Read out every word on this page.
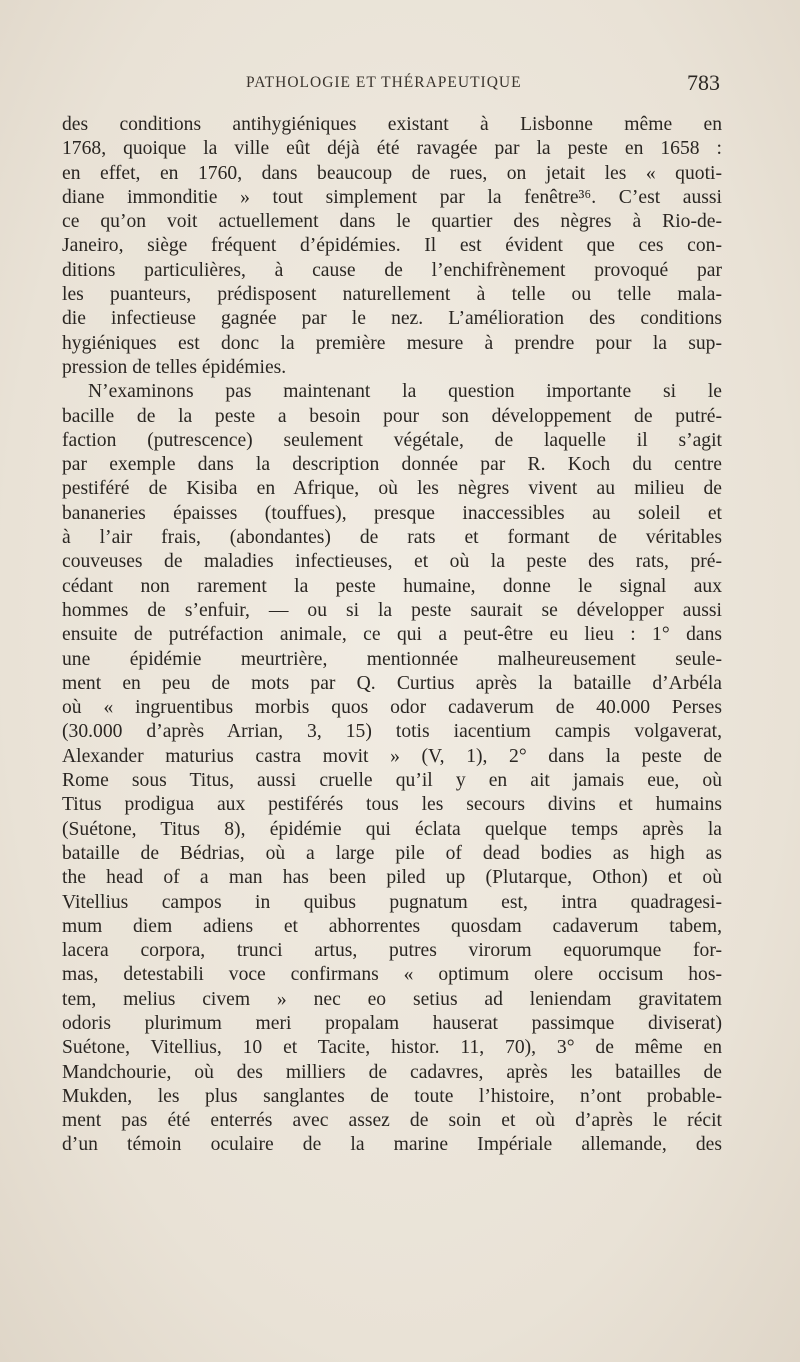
PATHOLOGIE ET THÉRAPEUTIQUE	783
des conditions antihygiéniques existant à Lisbonne même en
1768, quoique la ville eût déjà été ravagée par la peste en 1658 :
en effet, en 1760, dans beaucoup de rues, on jetait les « quoti-
diane immonditie » tout simplement par la fenêtre³⁶. C’est aussi
ce qu’on voit actuellement dans le quartier des nègres à Rio-de-
Janeiro, siège fréquent d’épidémies. Il est évident que ces con-
ditions particulières, à cause de l’enchifrènement provoqué par
les puanteurs, prédisposent naturellement à telle ou telle mala-
die infectieuse gagnée par le nez. L’amélioration des conditions
hygiéniques est donc la première mesure à prendre pour la sup-
pression de telles épidémies.
N’examinons pas maintenant la question importante si le
bacille de la peste a besoin pour son développement de putré-
faction (putrescence) seulement végétale, de laquelle il s’agit
par exemple dans la description donnée par R. Koch du centre
pestiféré de Kisiba en Afrique, où les nègres vivent au milieu de
bananeries épaisses (touffues), presque inaccessibles au soleil et
à l’air frais, (abondantes) de rats et formant de véritables
couveuses de maladies infectieuses, et où la peste des rats, pré-
cédant non rarement la peste humaine, donne le signal aux
hommes de s’enfuir, — ou si la peste saurait se développer aussi
ensuite de putréfaction animale, ce qui a peut-être eu lieu : 1° dans
une épidémie meurtrière, mentionnée malheureusement seule-
ment en peu de mots par Q. Curtius après la bataille d’Arbéla
où « ingruentibus morbis quos odor cadaverum de 40.000 Perses
(30.000 d’après Arrian, 3, 15) totis iacentium campis volgaverat,
Alexander maturius castra movit » (V, 1), 2° dans la peste de
Rome sous Titus, aussi cruelle qu’il y en ait jamais eue, où
Titus prodigua aux pestiférés tous les secours divins et humains
(Suétone, Titus 8), épidémie qui éclata quelque temps après la
bataille de Bédrias, où a large pile of dead bodies as high as
the head of a man has been piled up (Plutarque, Othon) et où
Vitellius campos in quibus pugnatum est, intra quadragesi-
mum diem adiens et abhorrentes quosdam cadaverum tabem,
lacera corpora, trunci artus, putres virorum equorumque for-
mas, detestabili voce confirmans « optimum olere occisum hos-
tem, melius civem » nec eo setius ad leniendam gravitatem
odoris plurimum meri propalam hauserat passimque diviserat)
Suétone, Vitellius, 10 et Tacite, histor. 11, 70), 3° de même en
Mandchourie, où des milliers de cadavres, après les batailles de
Mukden, les plus sanglantes de toute l’histoire, n’ont probable-
ment pas été enterrés avec assez de soin et où d’après le récit
d’un témoin oculaire de la marine Impériale allemande, des
